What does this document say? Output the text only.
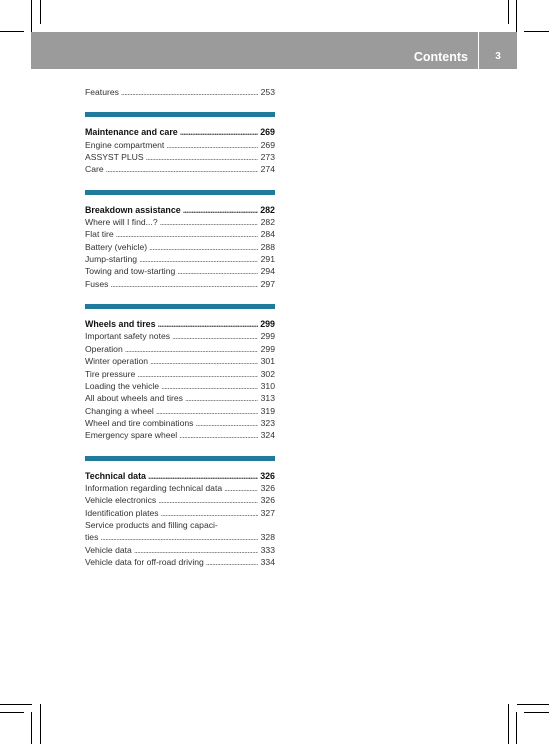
Contents	3
Features . . .	253
Maintenance and care . . .	269
Engine compartment . . .	269
ASSYST PLUS . . .	273
Care . . .	274
Breakdown assistance . . .	282
Where will I find...? . . .	282
Flat tire . . .	284
Battery (vehicle) . . .	288
Jump-starting . . .	291
Towing and tow-starting . . .	294
Fuses . . .	297
Wheels and tires . . .	299
Important safety notes . . .	299
Operation . . .	299
Winter operation . . .	301
Tire pressure . . .	302
Loading the vehicle . . .	310
All about wheels and tires . . .	313
Changing a wheel . . .	319
Wheel and tire combinations . . .	323
Emergency spare wheel . . .	324
Technical data . . .	326
Information regarding technical data . . .	326
Vehicle electronics . . .	326
Identification plates . . .	327
Service products and filling capaci-
ties . . .	328
Vehicle data . . .	333
Vehicle data for off-road driving . . .	334
